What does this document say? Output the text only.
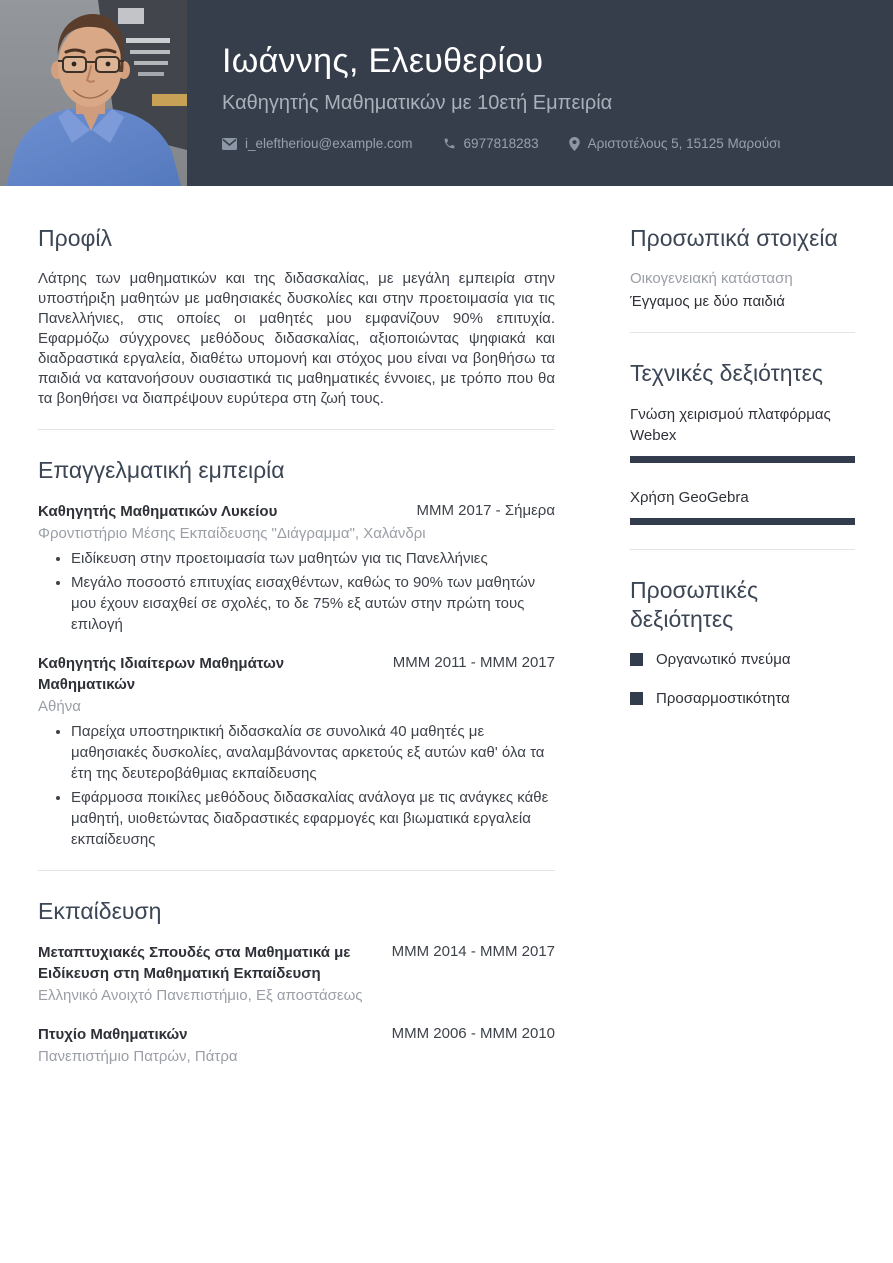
Ιωάννης, Ελευθερίου
Καθηγητής Μαθηματικών με 10ετή Εμπειρία
i_eleftheriou@example.com	6977818283	Αριστοτέλους 5, 15125 Μαρούσι
Προφίλ

Λάτρης των μαθηματικών και της διδασκαλίας, με μεγάλη εμπειρία στην υποστήριξη μαθητών με μαθησιακές δυσκολίες και στην προετοιμασία για τις Πανελλήνιες, στις οποίες οι μαθητές μου εμφανίζουν 90% επιτυχία. Εφαρμόζω σύγχρονες μεθόδους διδασκαλίας, αξιοποιώντας ψηφιακά και διαδραστικά εργαλεία, διαθέτω υπομονή και στόχος μου είναι να βοηθήσω τα παιδιά να κατανοήσουν ουσιαστικά τις μαθηματικές έννοιες, με τρόπο που θα τα βοηθήσει να διαπρέψουν ευρύτερα στη ζωή τους.

Επαγγελματική εμπειρία
Καθηγητής Μαθηματικών Λυκείου	MMM 2017 - Σήμερα
Φροντιστήριο Μέσης Εκπαίδευσης "Διάγραμμα", Χαλάνδρι
• Ειδίκευση στην προετοιμασία των μαθητών για τις Πανελλήνιες
• Μεγάλο ποσοστό επιτυχίας εισαχθέντων, καθώς το 90% των μαθητών μου έχουν εισαχθεί σε σχολές, το δε 75% εξ αυτών στην πρώτη τους επιλογή
Καθηγητής Ιδιαίτερων Μαθημάτων Μαθηματικών
MMM 2011 - MMM 2017
Αθήνα
• Παρείχα υποστηρικτική διδασκαλία σε συνολικά 40 μαθητές με μαθησιακές δυσκολίες, αναλαμβάνοντας αρκετούς εξ αυτών καθ' όλα τα έτη της δευτεροβάθμιας εκπαίδευσης
• Εφάρμοσα ποικίλες μεθόδους διδασκαλίας ανάλογα με τις ανάγκες κάθε μαθητή, υιοθετώντας διαδραστικές εφαρμογές και βιωματικά εργαλεία εκπαίδευσης
Εκπαίδευση
Μεταπτυχιακές Σπουδές στα Μαθηματικά με Ειδίκευση στη Μαθηματική Εκπαίδευση
MMM 2014 - MMM 2017
Ελληνικό Ανοιχτό Πανεπιστήμιο, Εξ αποστάσεως
Πτυχίο Μαθηματικών	MMM 2006 - MMM 2010
Πανεπιστήμιο Πατρών, Πάτρα
Προσωπικά στοιχεία
Οικογενειακή κατάσταση
Έγγαμος με δύο παιδιά
Τεχνικές δεξιότητες
Γνώση χειρισμού πλατφόρμας Webex
Χρήση GeoGebra
Προσωπικές δεξιότητες
Οργανωτικό πνεύμα
Προσαρμοστικότητα
